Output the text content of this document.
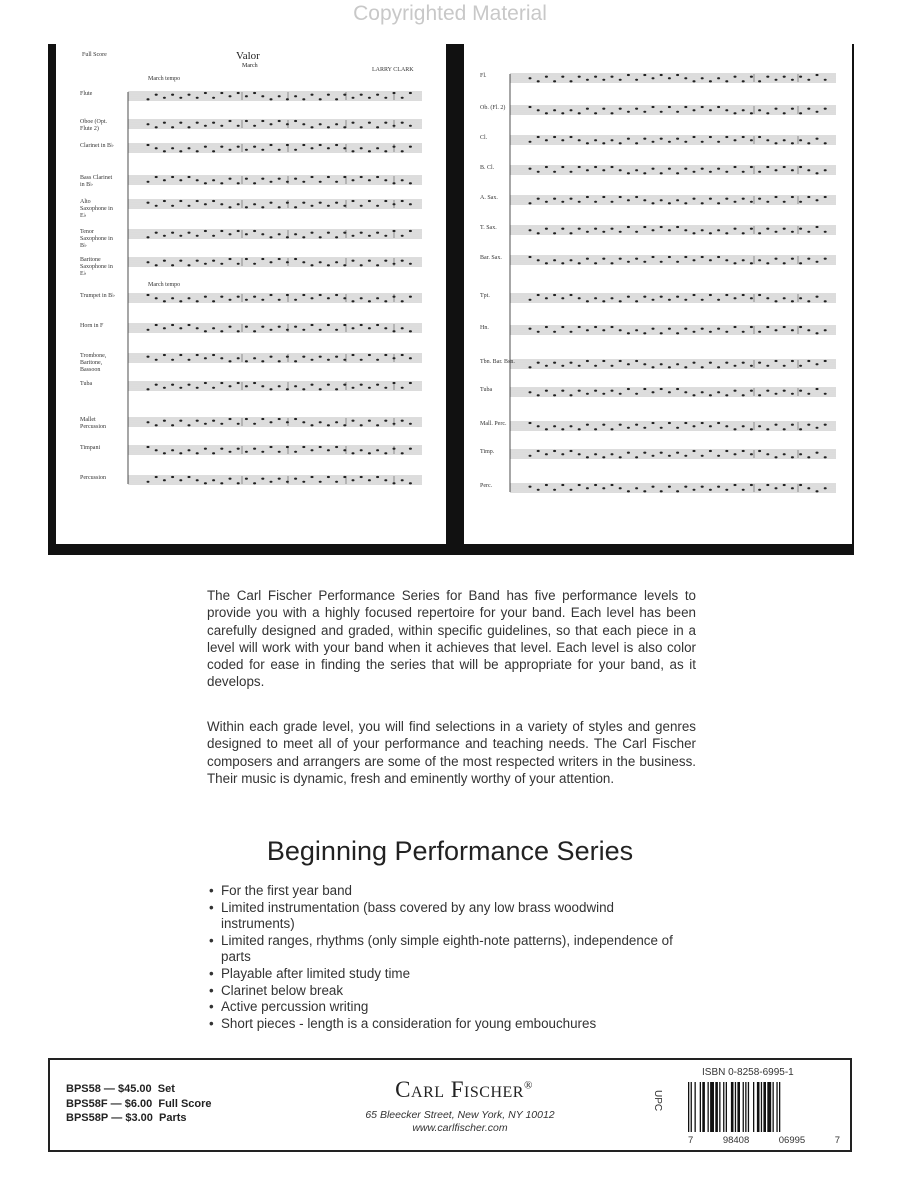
Copyrighted Material
Full Score	Valor
March
LARRY CLARK
March tempo
March tempo
Flute
Oboe (Opt. Flute 2)
Clarinet in B♭
Bass Clarinet in B♭
Alto Saxophone in E♭
Tenor Saxophone in B♭
Baritone Saxophone in E♭
Trumpet in B♭
Horn in F
Trombone, Baritone, Bassoon
Tuba
Mallet Percussion
Timpani
Percussion
Fl.
Ob. (Fl. 2)
Cl.
B. Cl.
A. Sax.
T. Sax.
Bar. Sax.
Tpt.
Hn.
Tbn. Bar. Bsn.
Tuba
Mall. Perc.
Timp.
Perc.

The Carl Fischer Performance Series for Band has five performance levels to provide you with a highly focused repertoire for your band. Each level has been carefully designed and graded, within specific guidelines, so that each piece in a level will work with your band when it achieves that level. Each level is also color coded for ease in finding the series that will be appropriate for your band, as it develops.

Within each grade level, you will find selections in a variety of styles and genres designed to meet all of your performance and teaching needs. The Carl Fischer composers and arrangers are some of the most respected writers in the business. Their music is dynamic, fresh and eminently worthy of your attention.

Beginning Performance Series
• For the first year band
• Limited instrumentation (bass covered by any low brass woodwind instruments)
• Limited ranges, rhythms (only simple eighth-note patterns), independence of parts
• Playable after limited study time
• Clarinet below break
• Active percussion writing
• Short pieces - length is a consideration for young embouchures
BPS58 — $45.00 Set
BPS58F — $6.00 Full Score
BPS58P — $3.00 Parts
Carl Fischer®
65 Bleecker Street, New York, NY 10012
www.carlfischer.com
ISBN 0-8258-6995-1
UPC
7	98408	06995	7
